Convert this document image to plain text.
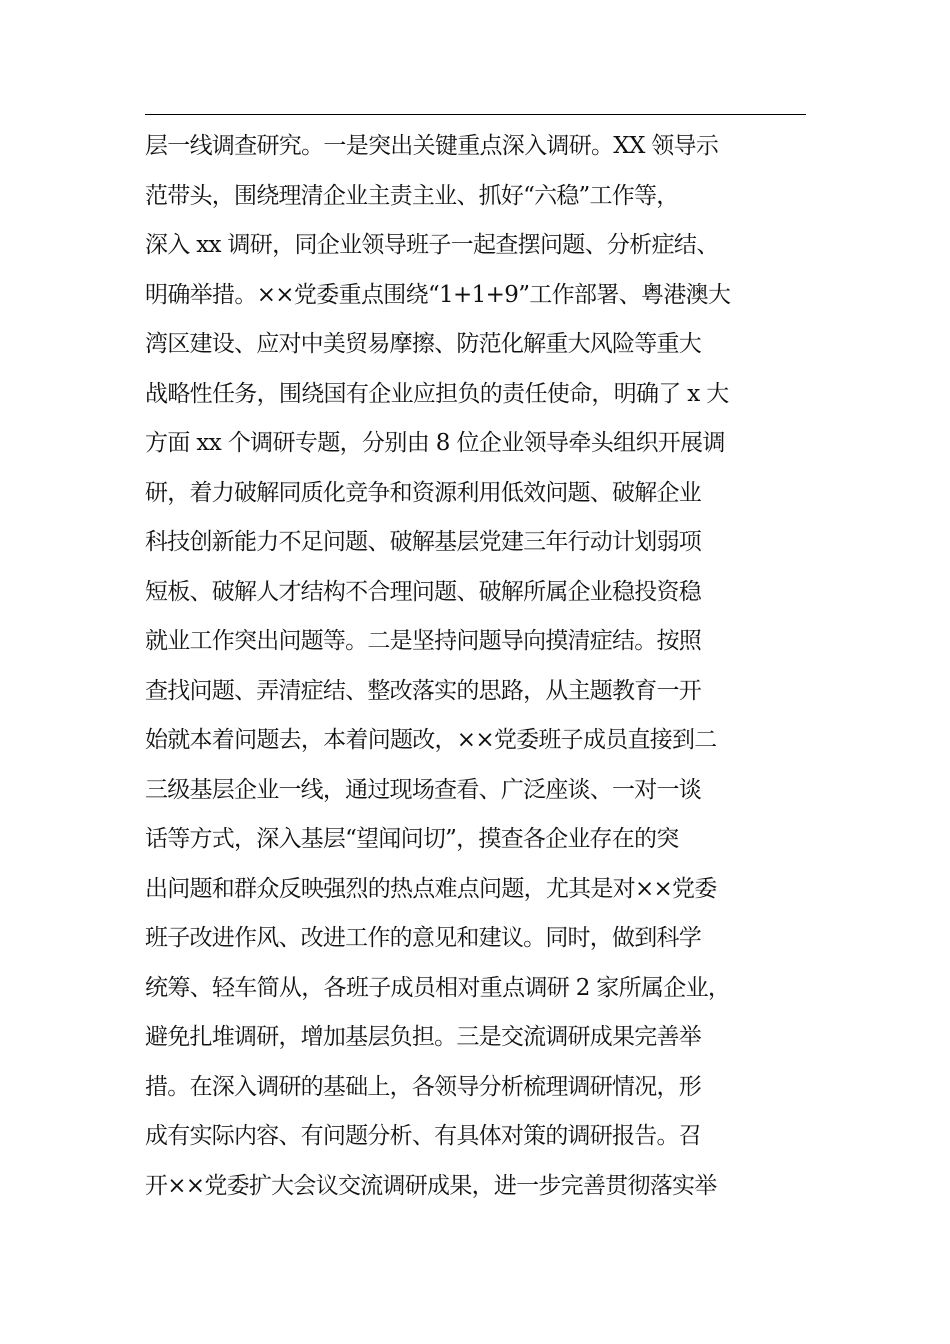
层一线调查研究。一是突出关键重点深入调研。XX 领导示
范带头，围绕理清企业主责主业、抓好“六稳”工作等，
深入 xx 调研，同企业领导班子一起查摆问题、分析症结、
明确举措。××党委重点围绕“1+1+9”工作部署、粤港澳大
湾区建设、应对中美贸易摩擦、防范化解重大风险等重大
战略性任务，围绕国有企业应担负的责任使命，明确了 x 大
方面 xx 个调研专题，分别由 8 位企业领导牵头组织开展调
研，着力破解同质化竞争和资源利用低效问题、破解企业
科技创新能力不足问题、破解基层党建三年行动计划弱项
短板、破解人才结构不合理问题、破解所属企业稳投资稳
就业工作突出问题等。二是坚持问题导向摸清症结。按照
查找问题、弄清症结、整改落实的思路，从主题教育一开
始就本着问题去，本着问题改，××党委班子成员直接到二
三级基层企业一线，通过现场查看、广泛座谈、一对一谈
话等方式，深入基层“望闻问切”，摸查各企业存在的突
出问题和群众反映强烈的热点难点问题，尤其是对××党委
班子改进作风、改进工作的意见和建议。同时，做到科学
统筹、轻车简从，各班子成员相对重点调研 2 家所属企业，
避免扎堆调研，增加基层负担。三是交流调研成果完善举
措。在深入调研的基础上，各领导分析梳理调研情况，形
成有实际内容、有问题分析、有具体对策的调研报告。召
开××党委扩大会议交流调研成果，进一步完善贯彻落实举
